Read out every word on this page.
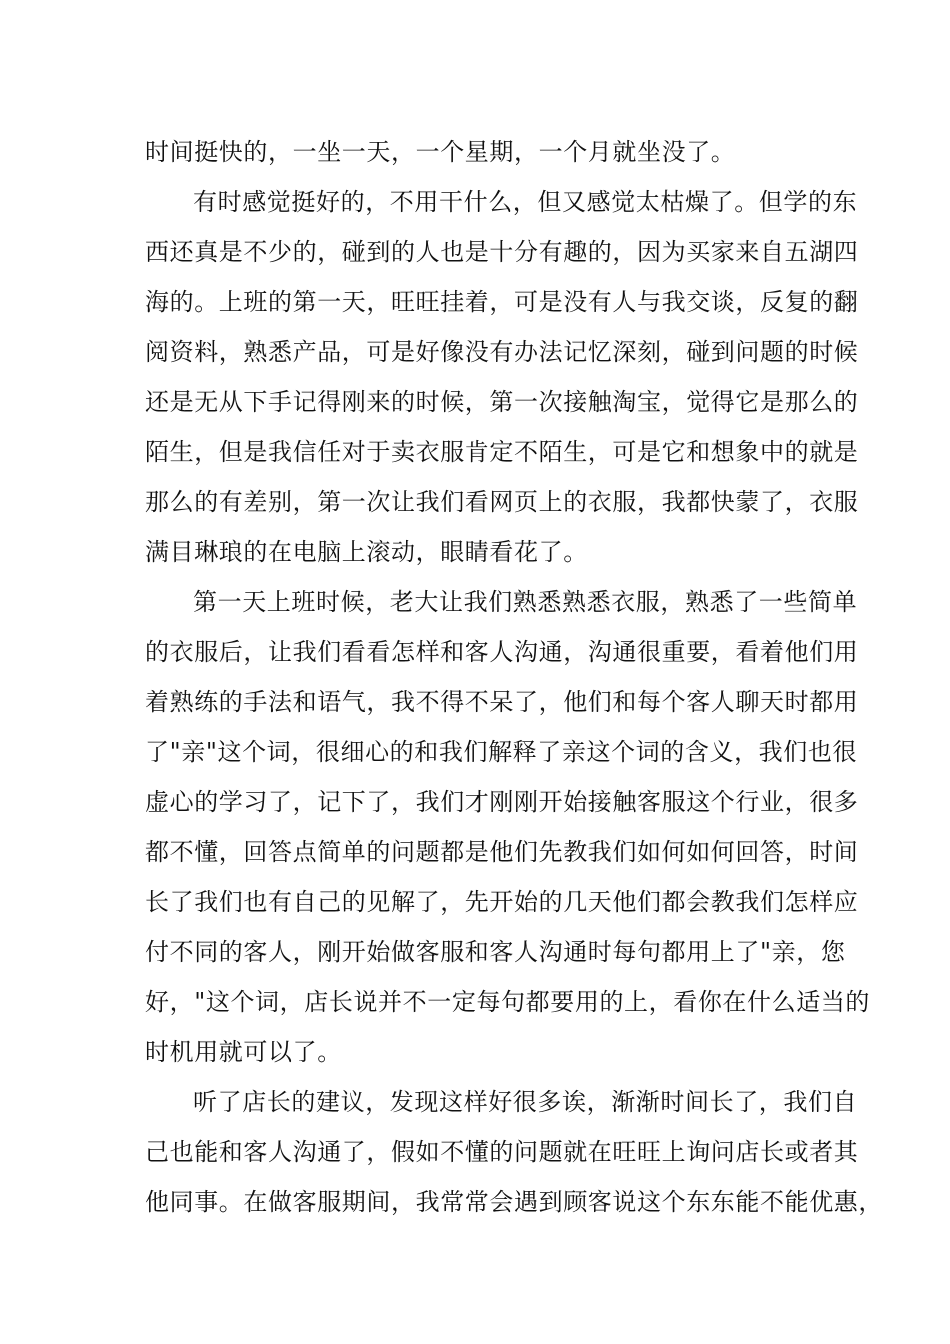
时间挺快的，一坐一天，一个星期，一个月就坐没了。
有时感觉挺好的，不用干什么，但又感觉太枯燥了。但学的东
西还真是不少的，碰到的人也是十分有趣的，因为买家来自五湖四
海的。上班的第一天，旺旺挂着，可是没有人与我交谈，反复的翻
阅资料，熟悉产品，可是好像没有办法记忆深刻，碰到问题的时候
还是无从下手记得刚来的时候，第一次接触淘宝，觉得它是那么的
陌生，但是我信任对于卖衣服肯定不陌生，可是它和想象中的就是
那么的有差别，第一次让我们看网页上的衣服，我都快蒙了，衣服
满目琳琅的在电脑上滚动，眼睛看花了。
第一天上班时候，老大让我们熟悉熟悉衣服，熟悉了一些简单
的衣服后，让我们看看怎样和客人沟通，沟通很重要，看着他们用
着熟练的手法和语气，我不得不呆了，他们和每个客人聊天时都用
了"亲"这个词，很细心的和我们解释了亲这个词的含义，我们也很
虚心的学习了，记下了，我们才刚刚开始接触客服这个行业，很多
都不懂，回答点简单的问题都是他们先教我们如何如何回答，时间
长了我们也有自己的见解了，先开始的几天他们都会教我们怎样应
付不同的客人，刚开始做客服和客人沟通时每句都用上了"亲，您
好，"这个词，店长说并不一定每句都要用的上，看你在什么适当的
时机用就可以了。
听了店长的建议，发现这样好很多诶，渐渐时间长了，我们自
己也能和客人沟通了，假如不懂的问题就在旺旺上询问店长或者其
他同事。在做客服期间，我常常会遇到顾客说这个东东能不能优惠，
